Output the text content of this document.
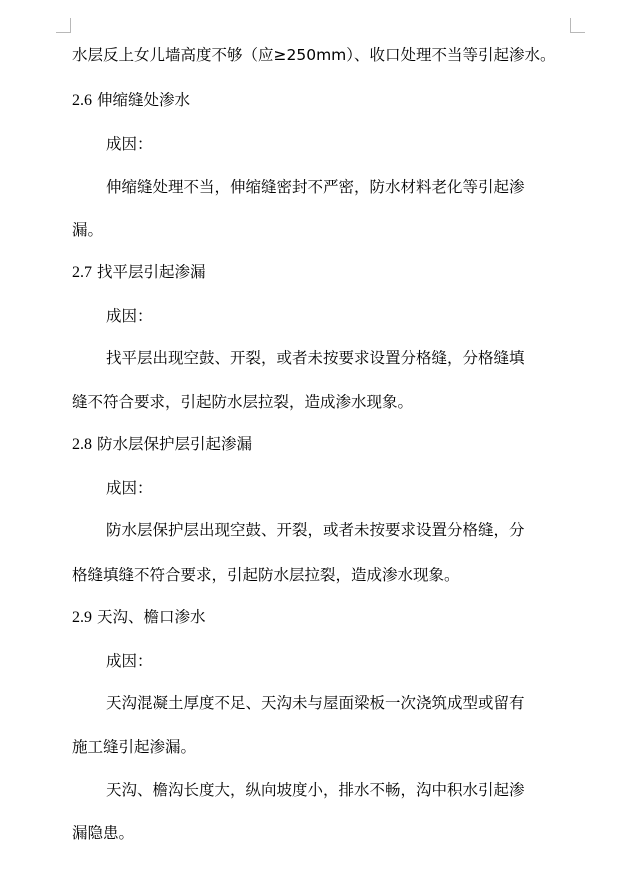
水层反上女儿墙高度不够（应≥250mm）、收口处理不当等引起渗水。
2.6 伸缩缝处渗水
成因：
伸缩缝处理不当，伸缩缝密封不严密，防水材料老化等引起渗
漏。
2.7 找平层引起渗漏
成因：
找平层出现空鼓、开裂，或者未按要求设置分格缝，分格缝填
缝不符合要求，引起防水层拉裂，造成渗水现象。
2.8 防水层保护层引起渗漏
成因：
防水层保护层出现空鼓、开裂，或者未按要求设置分格缝，分
格缝填缝不符合要求，引起防水层拉裂，造成渗水现象。
2.9 天沟、檐口渗水
成因：
天沟混凝土厚度不足、天沟未与屋面梁板一次浇筑成型或留有
施工缝引起渗漏。
天沟、檐沟长度大，纵向坡度小，排水不畅，沟中积水引起渗
漏隐患。
